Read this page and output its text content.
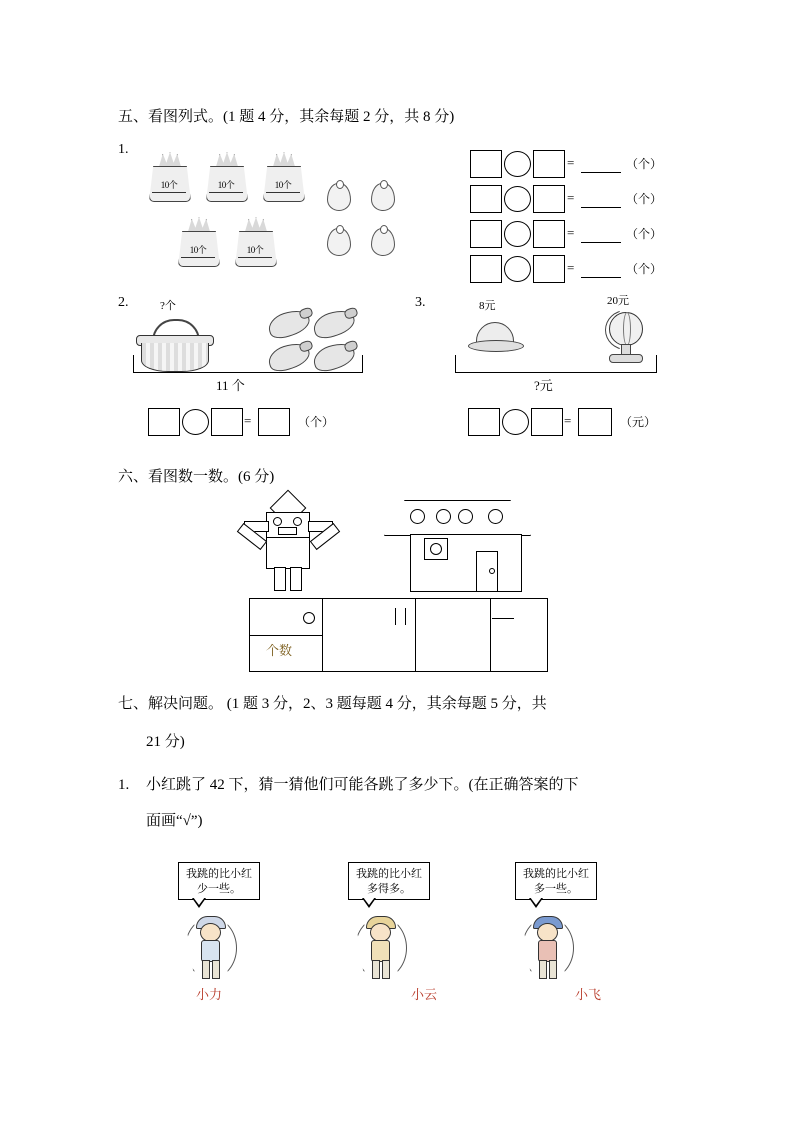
五、看图列式。(1 题 4 分，其余每题 2 分，共 8 分)
1.
10个	10个	10个
10个	10个
=	（个）
=	（个）
=	（个）
=	（个）
2.	?个
11 个
=	（个）
3.	8元	20元
?元
=	（元）
六、看图数一数。(6 分)
个数
七、解决问题。 (1 题 3 分，2、3 题每题 4 分，其余每题 5 分，共
21 分)
1. 小红跳了 42 下，猜一猜他们可能各跳了多少下。(在正确答案的下
面画“√”)
我跳的比小红少一些。
小力
我跳的比小红多得多。
小云
我跳的比小红多一些。
小飞
